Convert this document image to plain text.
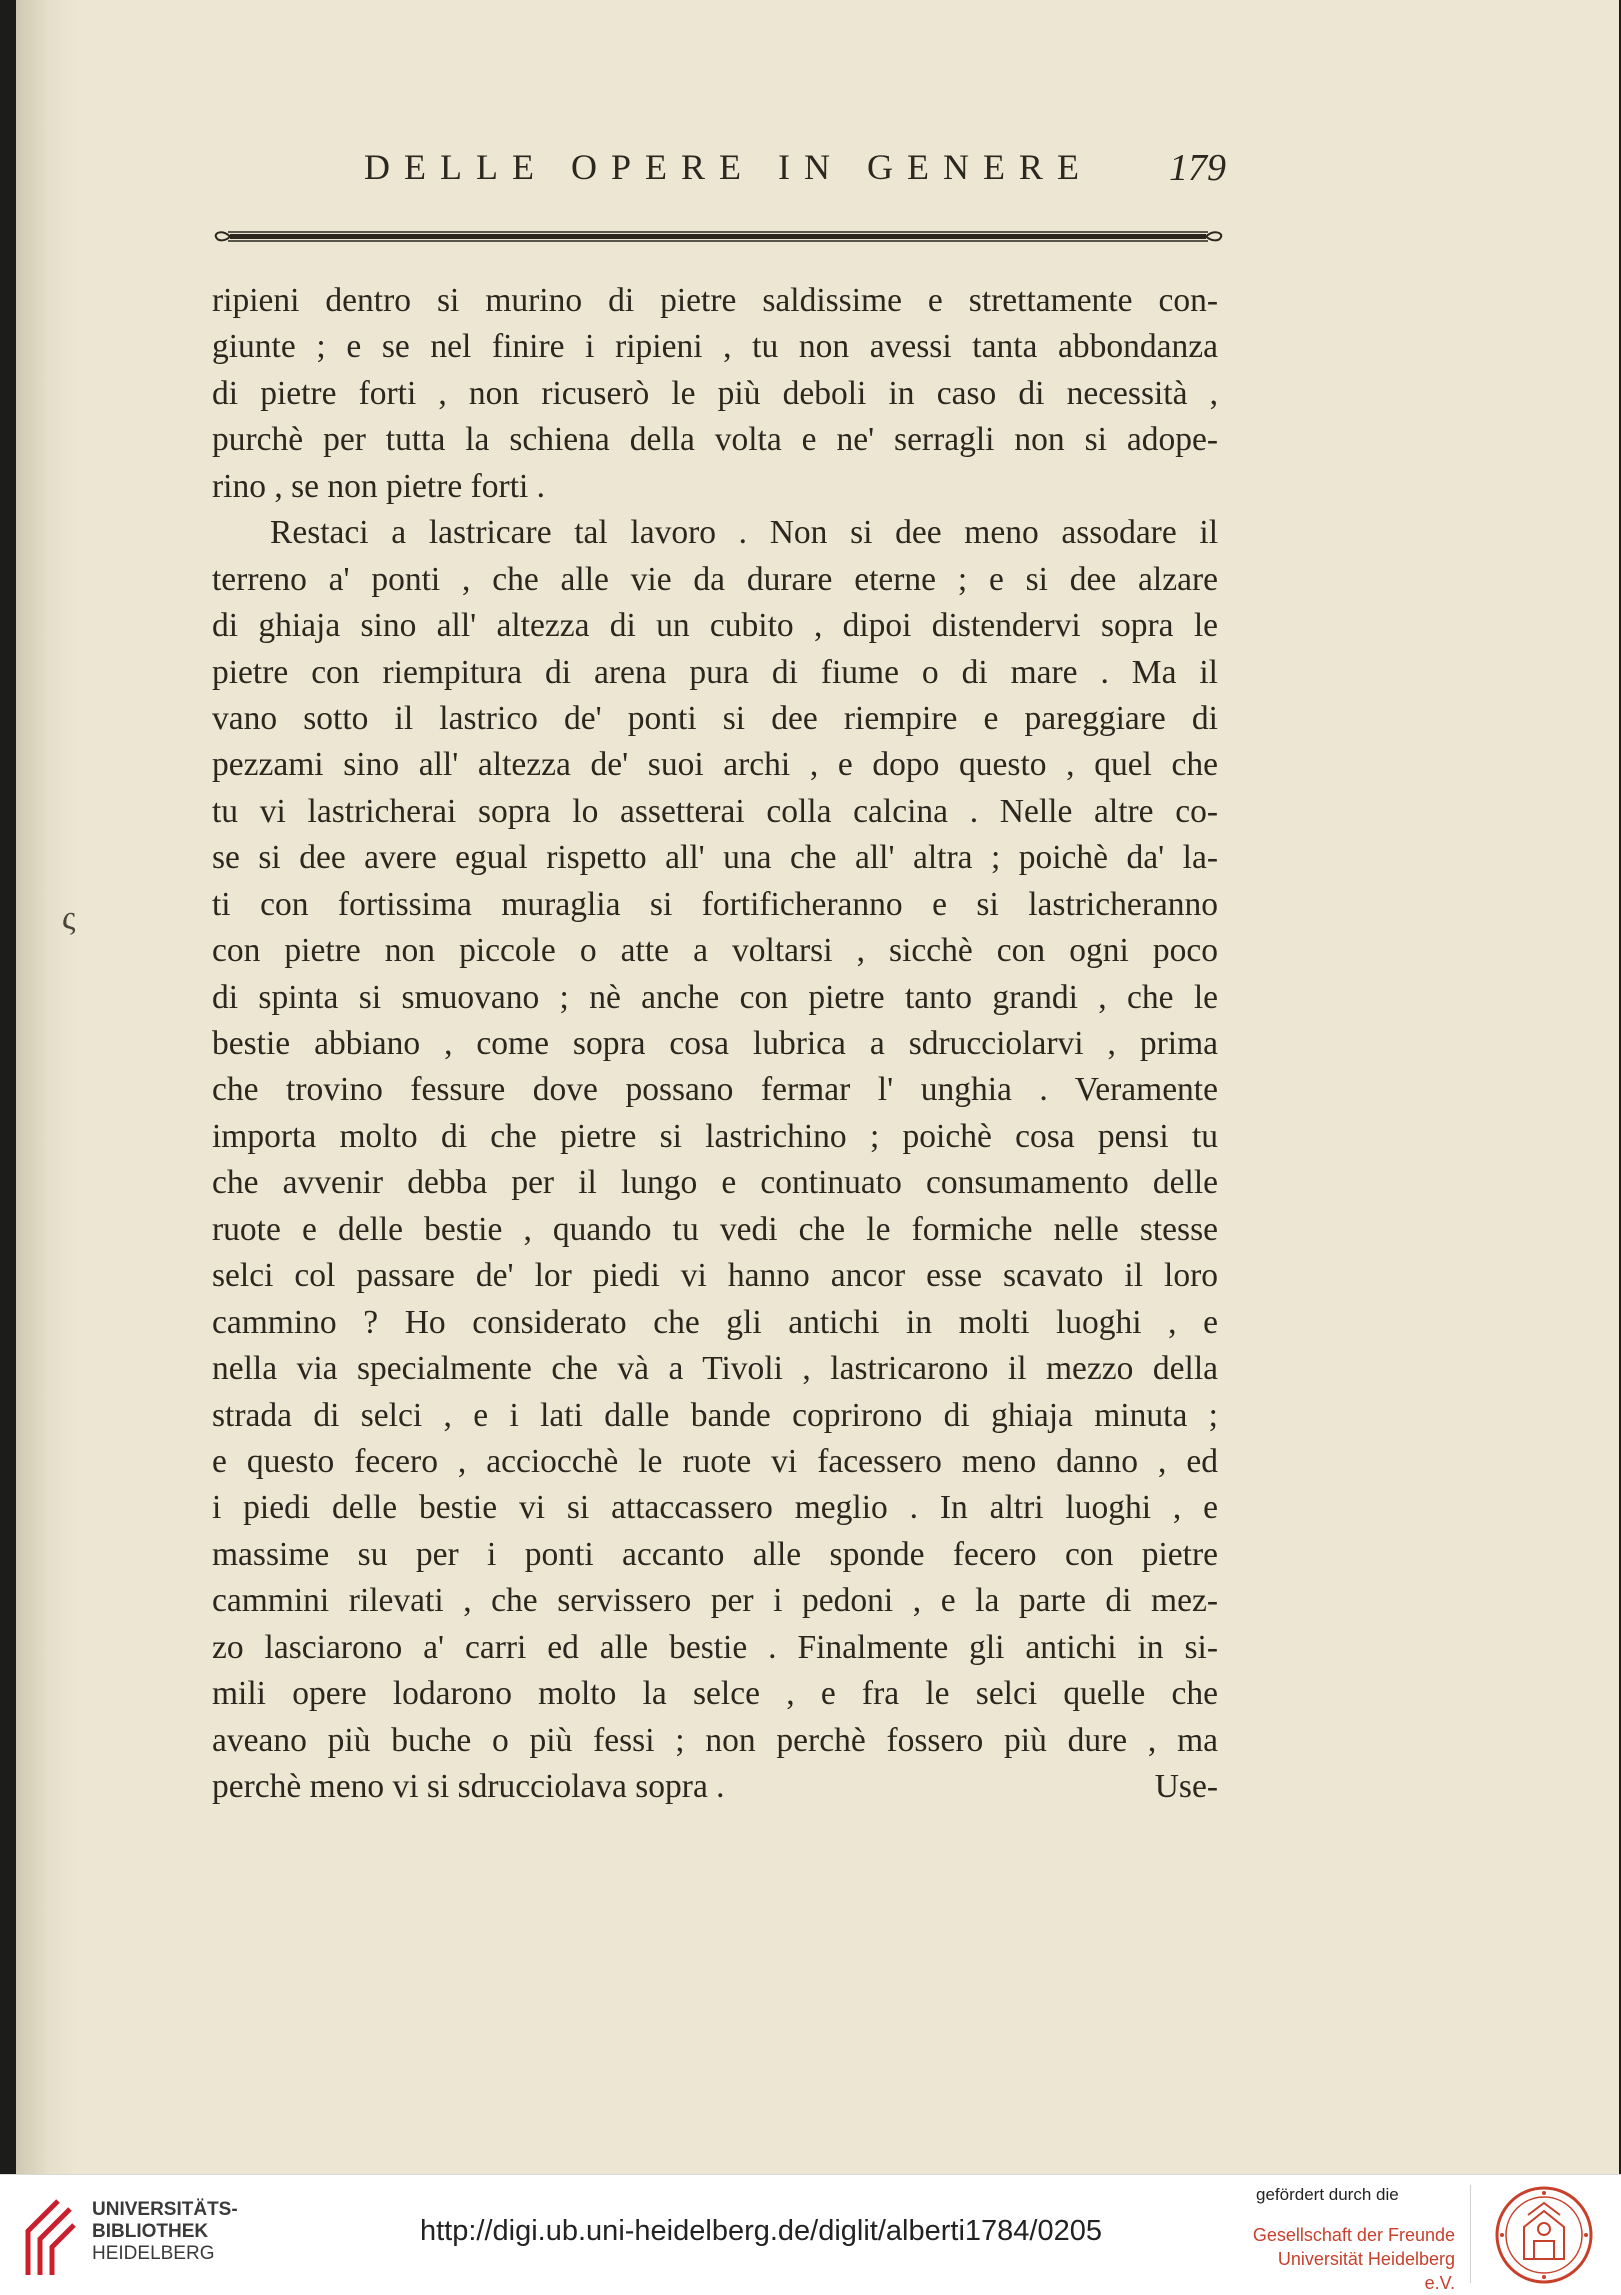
DELLE OPERE IN GENERE 179
ς
ripieni dentro si murino di pietre saldissime e strettamente con-
giunte ; e se nel finire i ripieni , tu non avessi tanta abbondanza
di pietre forti , non ricuserò le più deboli in caso di necessità ,
purchè per tutta la schiena della volta e ne' serragli non si adope-
rino , se non pietre forti .
Restaci a lastricare tal lavoro . Non si dee meno assodare il
terreno a' ponti , che alle vie da durare eterne ; e si dee alzare
di ghiaja sino all' altezza di un cubito , dipoi distendervi sopra le
pietre con riempitura di arena pura di fiume o di mare . Ma il
vano sotto il lastrico de' ponti si dee riempire e pareggiare di
pezzami sino all' altezza de' suoi archi , e dopo questo , quel che
tu vi lastricherai sopra lo assetterai colla calcina . Nelle altre co-
se si dee avere egual rispetto all' una che all' altra ; poichè da' la-
ti con fortissima muraglia si fortificheranno e si lastricheranno
con pietre non piccole o atte a voltarsi , sicchè con ogni poco
di spinta si smuovano ; nè anche con pietre tanto grandi , che le
bestie abbiano , come sopra cosa lubrica a sdrucciolarvi , prima
che trovino fessure dove possano fermar l' unghia . Veramente
importa molto di che pietre si lastrichino ; poichè cosa pensi tu
che avvenir debba per il lungo e continuato consumamento delle
ruote e delle bestie , quando tu vedi che le formiche nelle stesse
selci col passare de' lor piedi vi hanno ancor esse scavato il loro
cammino ? Ho considerato che gli antichi in molti luoghi , e
nella via specialmente che và a Tivoli , lastricarono il mezzo della
strada di selci , e i lati dalle bande coprirono di ghiaja minuta ;
e questo fecero , acciocchè le ruote vi facessero meno danno , ed
i piedi delle bestie vi si attaccassero meglio . In altri luoghi , e
massime su per i ponti accanto alle sponde fecero con pietre
cammini rilevati , che servissero per i pedoni , e la parte di mez-
zo lasciarono a' carri ed alle bestie . Finalmente gli antichi in si-
mili opere lodarono molto la selce , e fra le selci quelle che
aveano più buche o più fessi ; non perchè fossero più dure , ma
perchè meno vi si sdrucciolava sopra .	Use-
UNIVERSITÄTS-
BIBLIOTHEK
HEIDELBERG
http://digi.ub.uni-heidelberg.de/diglit/alberti1784/0205
gefördert durch die
Gesellschaft der Freunde
Universität Heidelberg e.V.
